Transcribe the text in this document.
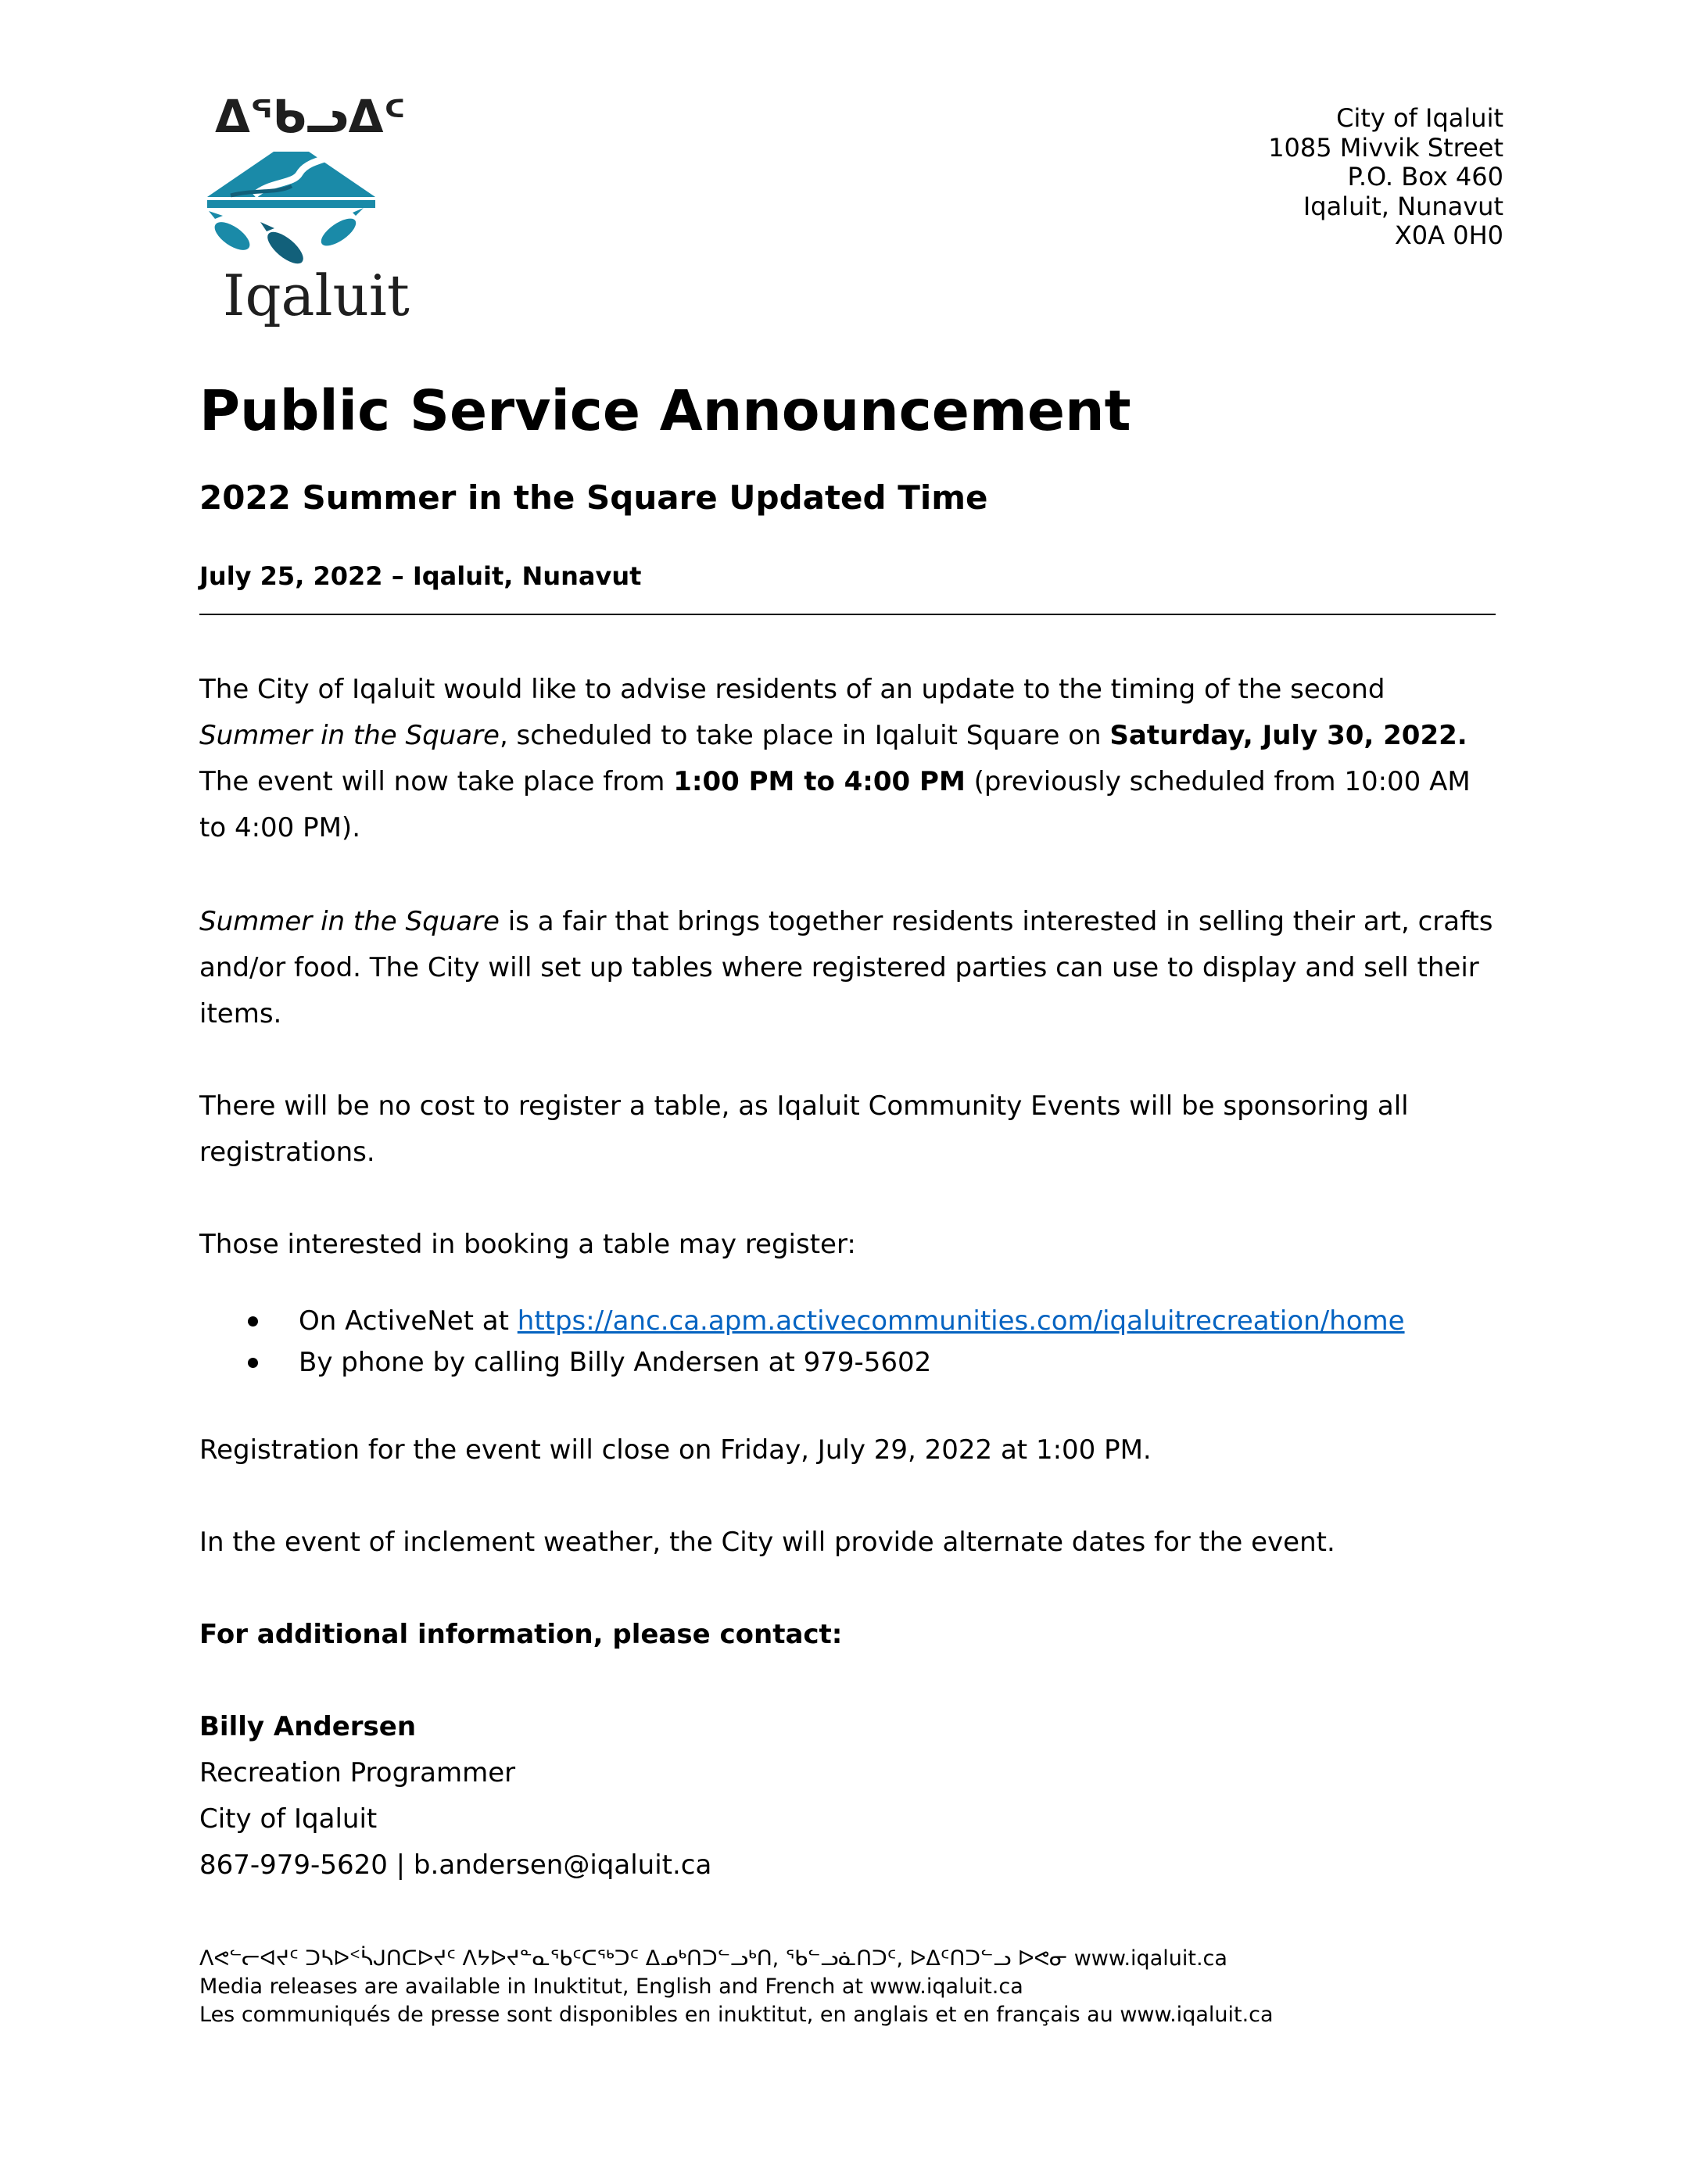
ᐃᖃᓗᐃᑦ
Iqaluit
City of Iqaluit
1085 Mivvik Street
P.O. Box 460
Iqaluit, Nunavut
X0A 0H0
Public Service Announcement
2022 Summer in the Square Updated Time
July 25, 2022 – Iqaluit, Nunavut

The City of Iqaluit would like to advise residents of an update to the timing of the second Summer in the Square, scheduled to take place in Iqaluit Square on Saturday, July 30, 2022. The event will now take place from 1:00 PM to 4:00 PM (previously scheduled from 10:00 AM to 4:00 PM).

Summer in the Square is a fair that brings together residents interested in selling their art, crafts and/or food. The City will set up tables where registered parties can use to display and sell their items.

There will be no cost to register a table, as Iqaluit Community Events will be sponsoring all registrations.

Those interested in booking a table may register:

On ActiveNet at https://anc.ca.apm.activecommunities.com/iqaluitrecreation/home
By phone by calling Billy Andersen at 979-5602

Registration for the event will close on Friday, July 29, 2022 at 1:00 PM.

In the event of inclement weather, the City will provide alternate dates for the event.

For additional information, please contact:

Billy Andersen
Recreation Programmer
City of Iqaluit
867-979-5620 | b.andersen@iqaluit.ca
ᐱᕙᓪᓕᐊᔪᑦ ᑐᓴᐅᑉᓵᒍᑎᑕᐅᔪᑦ ᐱᔭᐅᔪᓐᓇᖃᑦᑕᖅᑐᑦ ᐃᓄᒃᑎᑐᓪᓗᒃᑎ, ᖃᓪᓗᓈᑎᑐᑦ, ᐅᐃᑦᑎᑐᓪᓗ ᐅᕙᓂ www.iqaluit.ca
Media releases are available in Inuktitut, English and French at www.iqaluit.ca
Les communiqués de presse sont disponibles en inuktitut, en anglais et en français au www.iqaluit.ca
